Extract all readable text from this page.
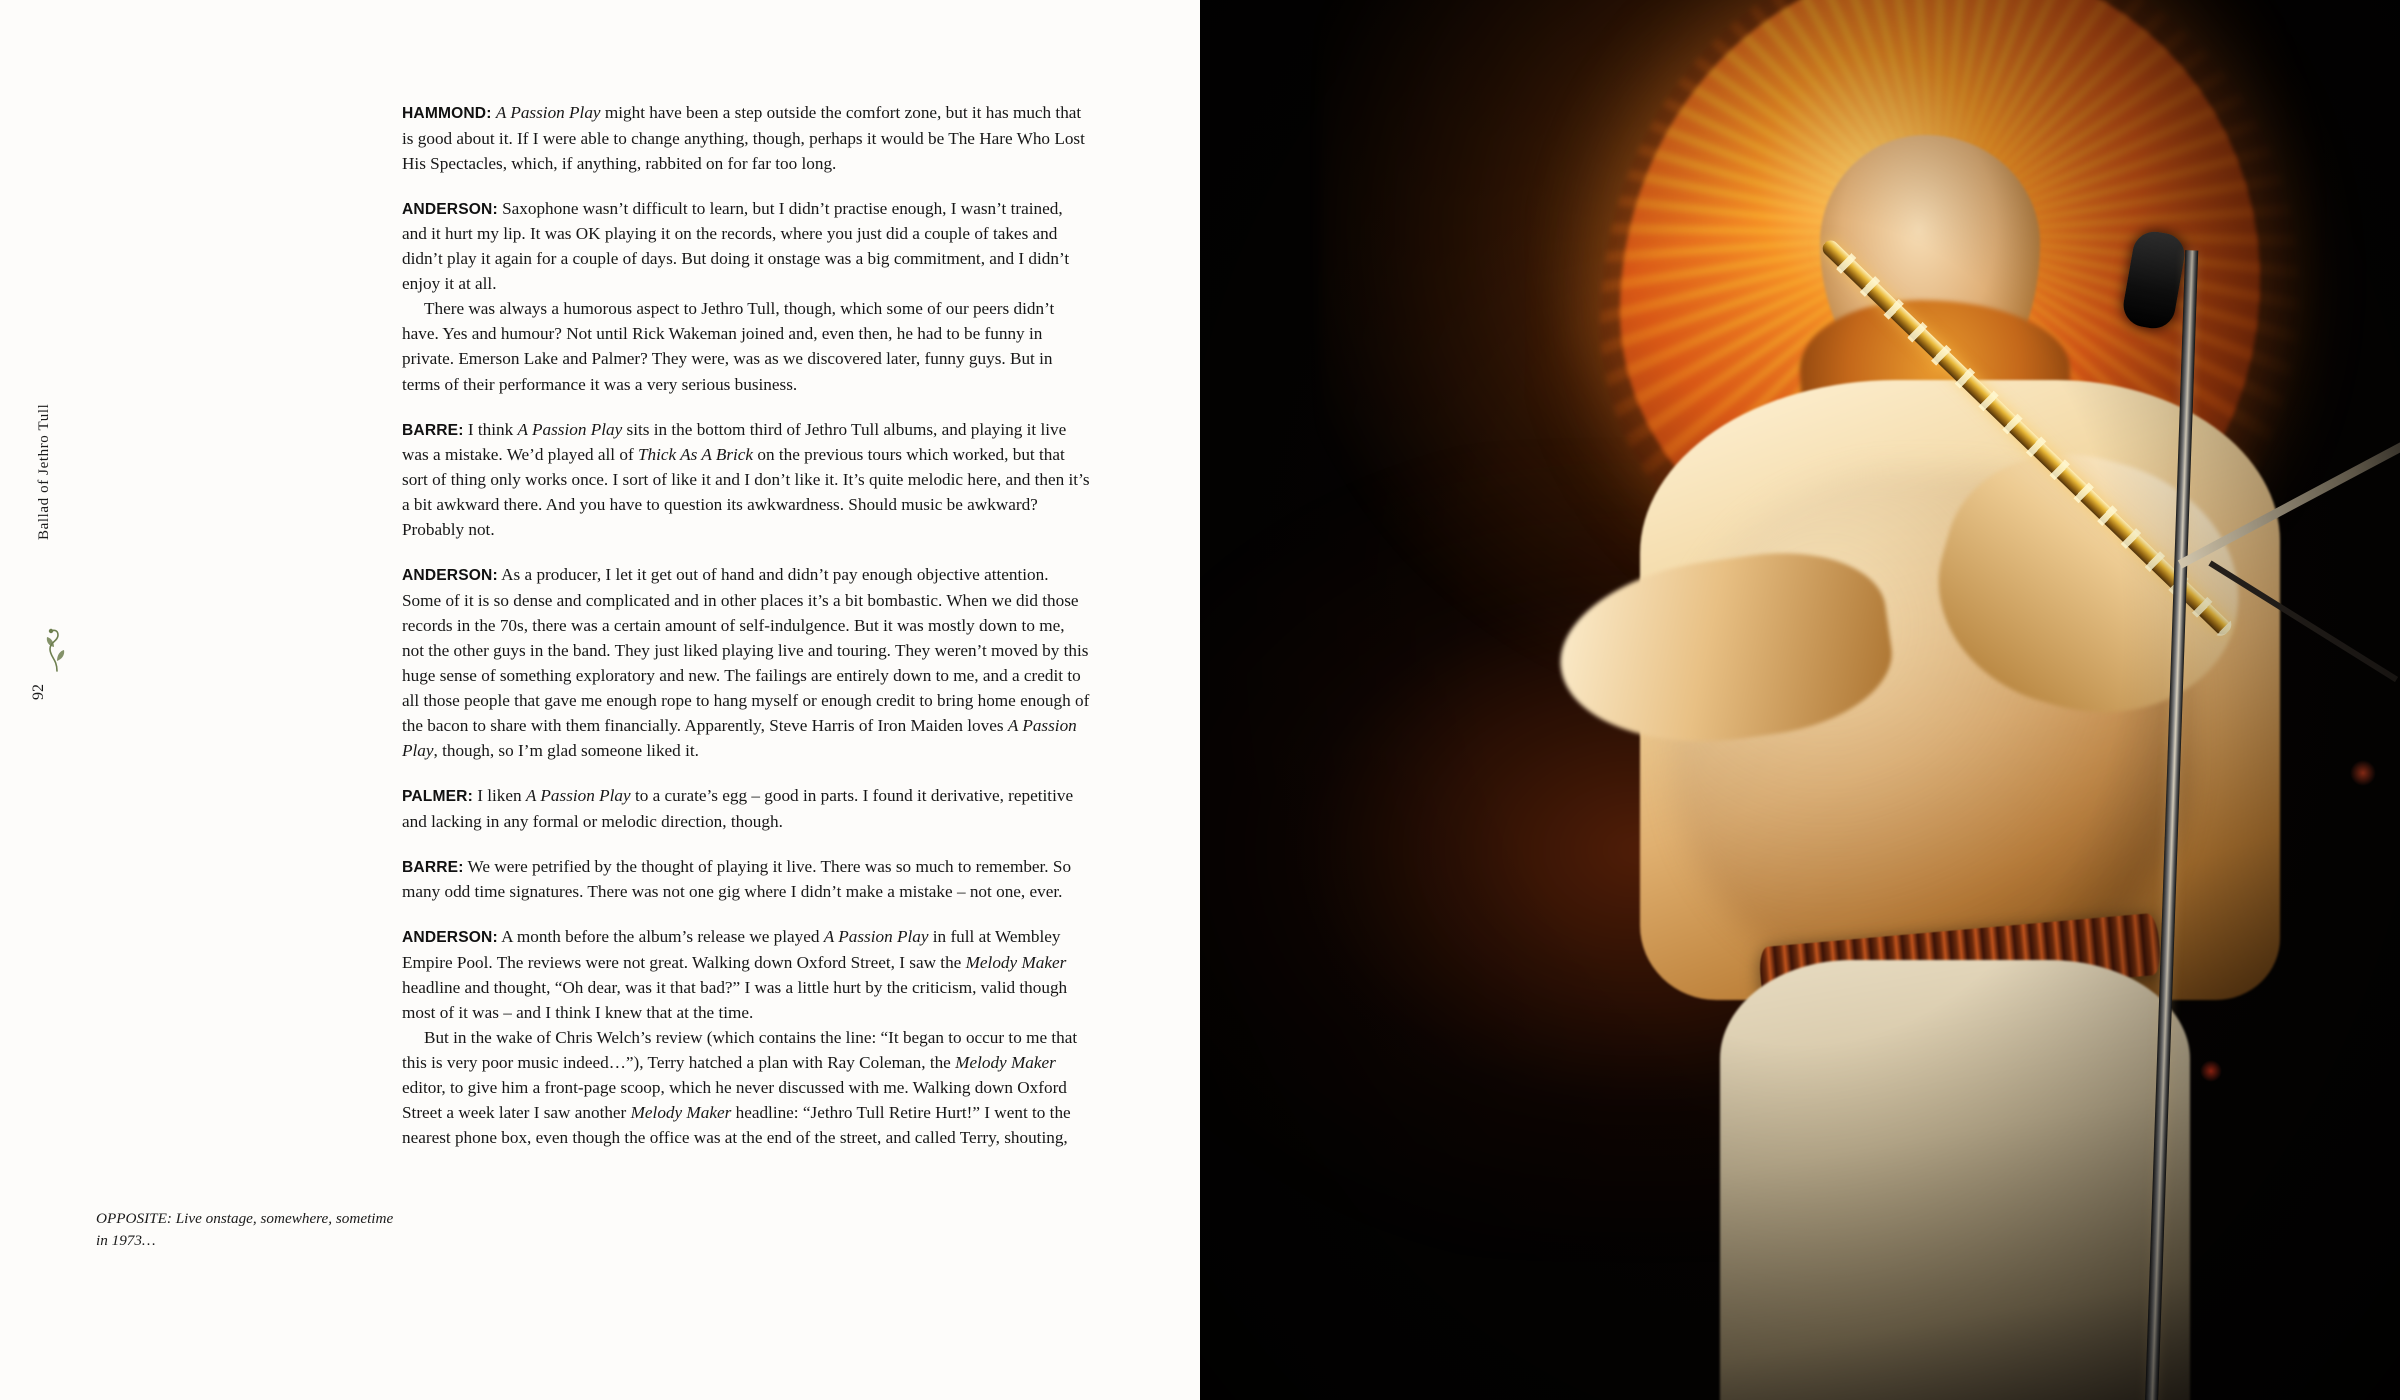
Ballad of Jethro Tull
92

HAMMOND: A Passion Play might have been a step outside the comfort zone, but it has much that is good about it. If I were able to change anything, though, perhaps it would be The Hare Who Lost His Spectacles, which, if anything, rabbited on for far too long.

ANDERSON: Saxophone wasn’t difficult to learn, but I didn’t practise enough, I wasn’t trained, and it hurt my lip. It was OK playing it on the records, where you just did a couple of takes and didn’t play it again for a couple of days. But doing it onstage was a big commitment, and I didn’t enjoy it at all.

There was always a humorous aspect to Jethro Tull, though, which some of our peers didn’t have. Yes and humour? Not until Rick Wakeman joined and, even then, he had to be funny in private. Emerson Lake and Palmer? They were, was as we discovered later, funny guys. But in terms of their performance it was a very serious business.

BARRE: I think A Passion Play sits in the bottom third of Jethro Tull albums, and playing it live was a mistake. We’d played all of Thick As A Brick on the previous tours which worked, but that sort of thing only works once. I sort of like it and I don’t like it. It’s quite melodic here, and then it’s a bit awkward there. And you have to question its awkwardness. Should music be awkward? Probably not.

ANDERSON: As a producer, I let it get out of hand and didn’t pay enough objective attention. Some of it is so dense and complicated and in other places it’s a bit bombastic. When we did those records in the 70s, there was a certain amount of self-indulgence. But it was mostly down to me, not the other guys in the band. They just liked playing live and touring. They weren’t moved by this huge sense of something exploratory and new. The failings are entirely down to me, and a credit to all those people that gave me enough rope to hang myself or enough credit to bring home enough of the bacon to share with them financially. Apparently, Steve Harris of Iron Maiden loves A Passion Play, though, so I’m glad someone liked it.

PALMER: I liken A Passion Play to a curate’s egg – good in parts. I found it derivative, repetitive and lacking in any formal or melodic direction, though.

BARRE: We were petrified by the thought of playing it live. There was so much to remember. So many odd time signatures. There was not one gig where I didn’t make a mistake – not one, ever.

ANDERSON: A month before the album’s release we played A Passion Play in full at Wembley Empire Pool. The reviews were not great. Walking down Oxford Street, I saw the Melody Maker headline and thought, “Oh dear, was it that bad?” I was a little hurt by the criticism, valid though most of it was – and I think I knew that at the time.

But in the wake of Chris Welch’s review (which contains the line: “It began to occur to me that this is very poor music indeed…”), Terry hatched a plan with Ray Coleman, the Melody Maker editor, to give him a front-page scoop, which he never discussed with me. Walking down Oxford Street a week later I saw another Melody Maker headline: “Jethro Tull Retire Hurt!” I went to the nearest phone box, even though the office was at the end of the street, and called Terry, shouting,

OPPOSITE: Live onstage, somewhere, sometime in 1973…
